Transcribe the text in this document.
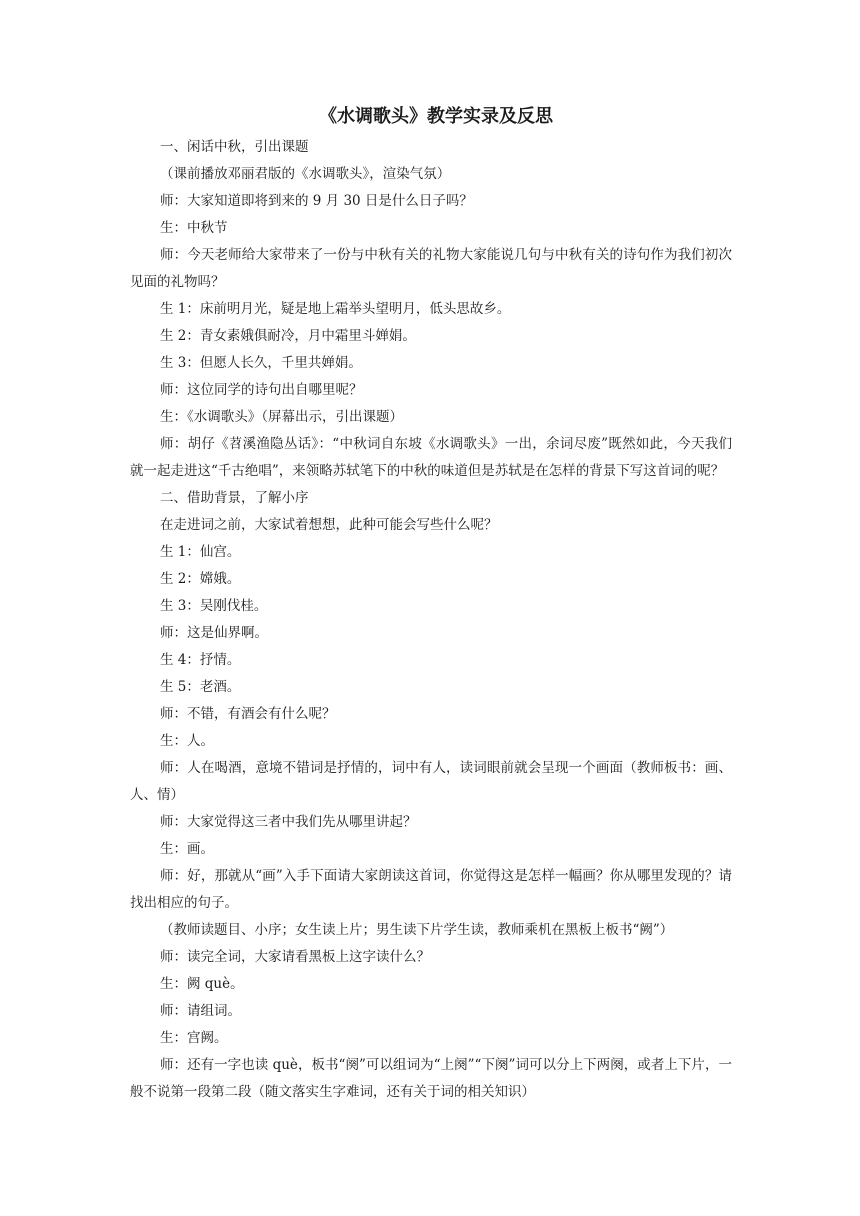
《水调歌头》教学实录及反思

一、闲话中秋，引出课题

（课前播放邓丽君版的《水调歌头》，渲染气氛）

师：大家知道即将到来的 9 月 30 日是什么日子吗？

生：中秋节

师：今天老师给大家带来了一份与中秋有关的礼物大家能说几句与中秋有关的诗句作为我们初次见面的礼物吗？

生 1：床前明月光，疑是地上霜举头望明月，低头思故乡。

生 2：青女素娥俱耐冷，月中霜里斗婵娟。

生 3：但愿人长久，千里共婵娟。

师：这位同学的诗句出自哪里呢？

生：《水调歌头》（屏幕出示，引出课题）

师：胡仔《苕溪渔隐丛话》：“中秋词自东坡《水调歌头》一出，余词尽废”既然如此，今天我们就一起走进这“千古绝唱”，来领略苏轼笔下的中秋的味道但是苏轼是在怎样的背景下写这首词的呢？

二、借助背景，了解小序

在走进词之前，大家试着想想，此种可能会写些什么呢？

生 1：仙宫。

生 2：嫦娥。

生 3：吴刚伐桂。

师：这是仙界啊。

生 4：抒情。

生 5：老酒。

师：不错，有酒会有什么呢？

生：人。

师：人在喝酒，意境不错词是抒情的，词中有人，读词眼前就会呈现一个画面（教师板书：画、人、情）

师：大家觉得这三者中我们先从哪里讲起？

生：画。

师：好，那就从“画”入手下面请大家朗读这首词，你觉得这是怎样一幅画？你从哪里发现的？请找出相应的句子。

（教师读题目、小序；女生读上片；男生读下片学生读，教师乘机在黑板上板书“阙”）

师：读完全词，大家请看黑板上这字读什么？

生：阙 què。

师：请组词。

生：宫阙。

师：还有一字也读 què，板书“阕”可以组词为“上阕”“下阕”词可以分上下两阕，或者上下片，一般不说第一段第二段（随文落实生字难词，还有关于词的相关知识）
